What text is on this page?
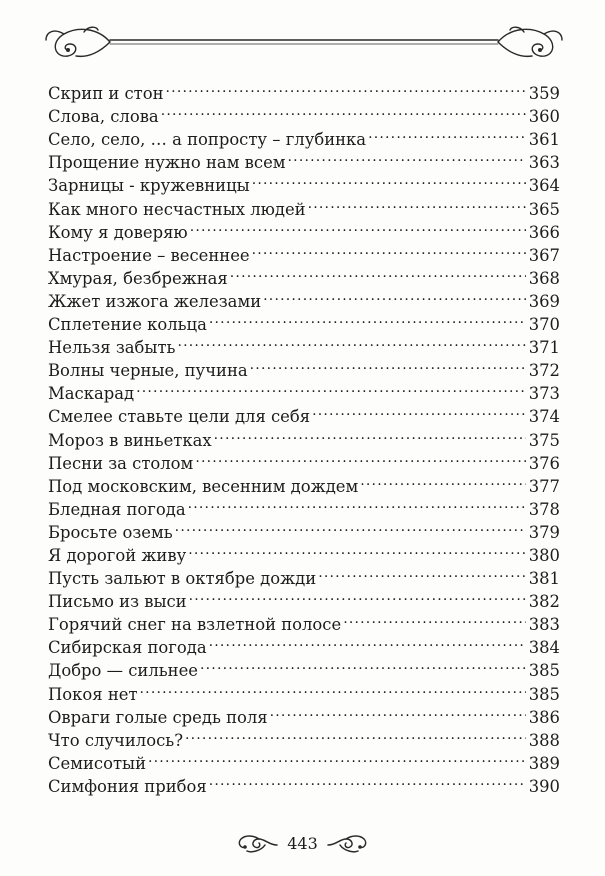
Скрип и стон .....	359
Слова, слова .....	360
Село, село, … а попросту – глубинка .....	361
Прощение нужно нам всем .....	363
Зарницы - кружевницы .....	364
Как много несчастных людей .....	365
Кому я доверяю .....	366
Настроение – весеннее .....	367
Хмурая, безбрежная .....	368
Жжет изжога железами .....	369
Сплетение кольца .....	370
Нельзя забыть .....	371
Волны черные, пучина .....	372
Маскарад .....	373
Смелее ставьте цели для себя .....	374
Мороз в виньетках .....	375
Песни за столом .....	376
Под московским, весенним дождем .....	377
Бледная погода .....	378
Бросьте оземь .....	379
Я дорогой живу .....	380
Пусть зальют в октябре дожди .....	381
Письмо из выси .....	382
Горячий снег на взлетной полосе .....	383
Сибирская погода .....	384
Добро — сильнее .....	385
Покоя нет .....	385
Овраги голые средь поля .....	386
Что случилось? .....	388
Семисотый .....	389
Симфония прибоя .....	390
443
